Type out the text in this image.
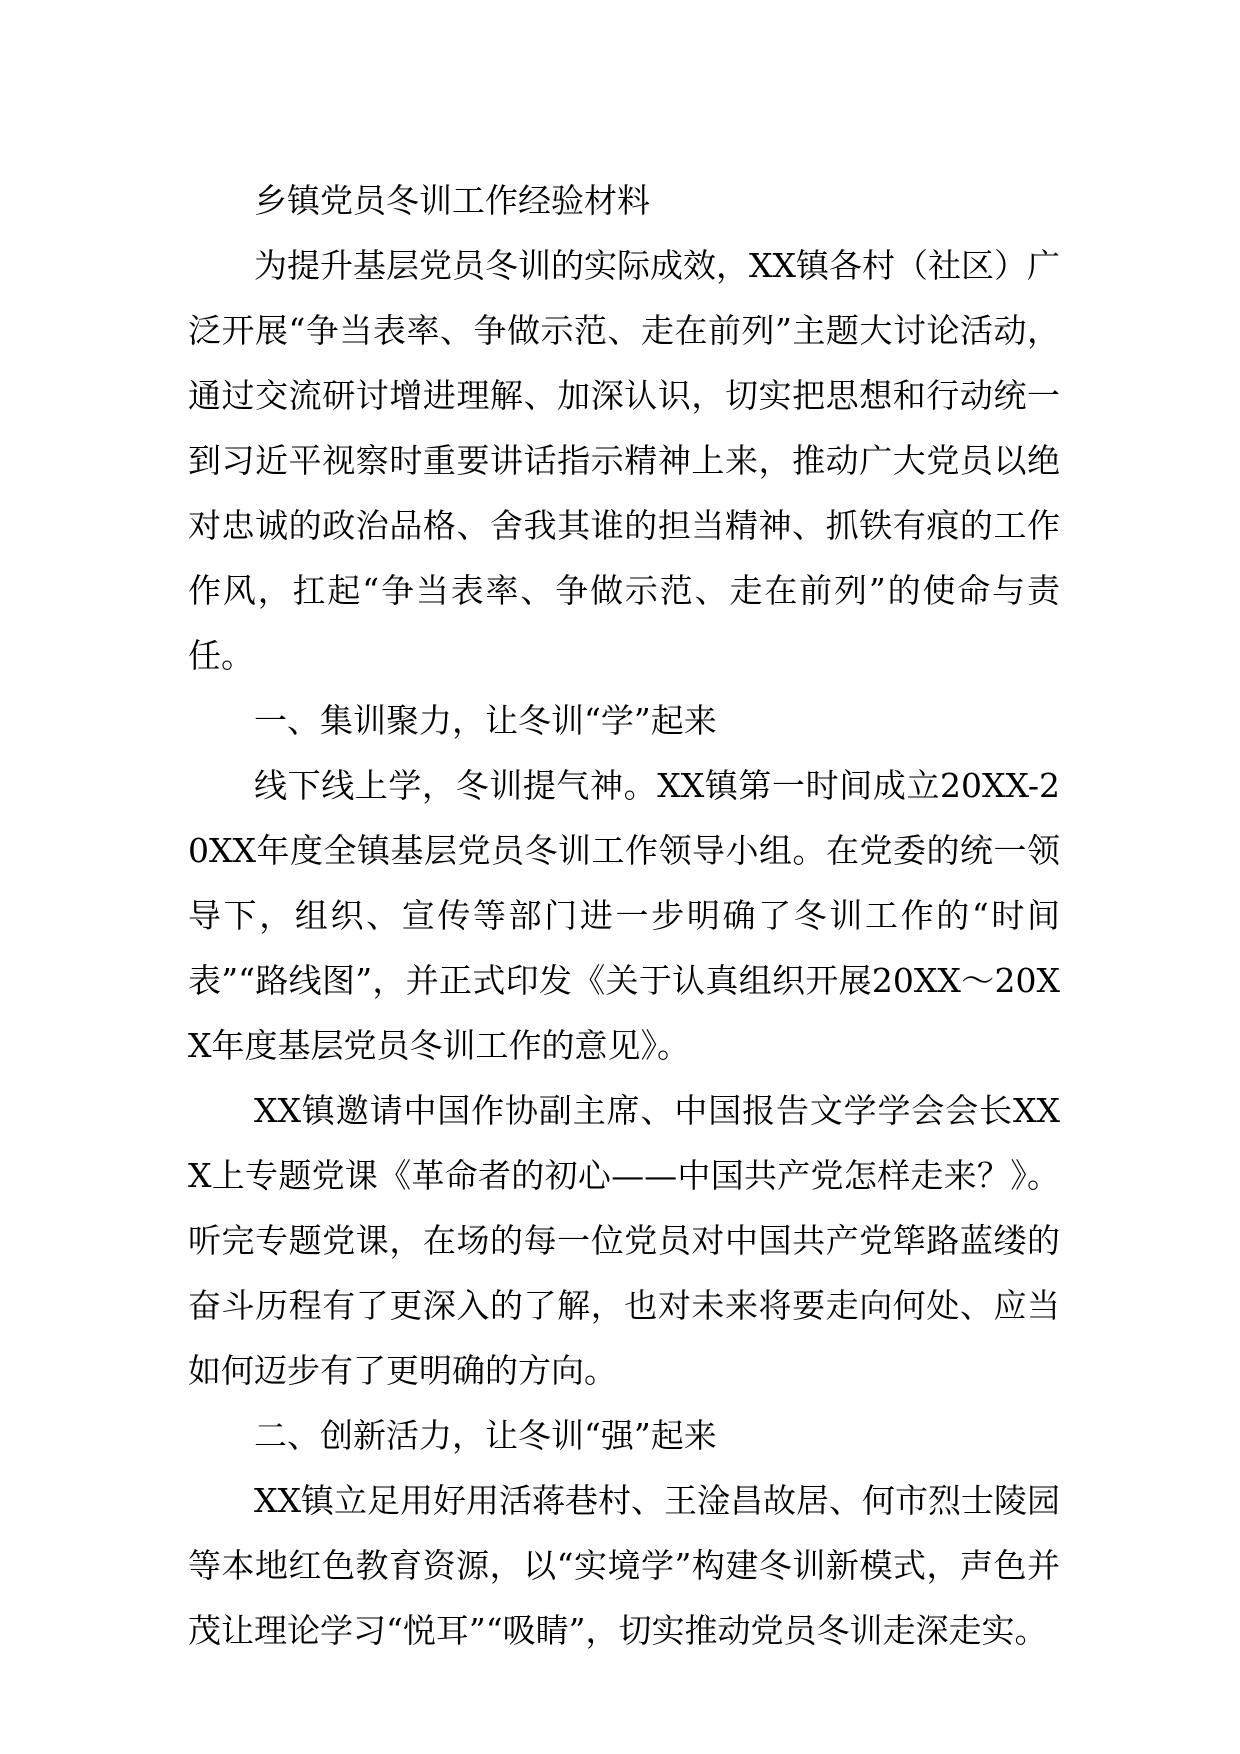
乡镇党员冬训工作经验材料

为提升基层党员冬训的实际成效，XX镇各村（社区）广泛开展“争当表率、争做示范、走在前列”主题大讨论活动，通过交流研讨增进理解、加深认识，切实把思想和行动统一到习近平视察时重要讲话指示精神上来，推动广大党员以绝对忠诚的政治品格、舍我其谁的担当精神、抓铁有痕的工作作风，扛起“争当表率、争做示范、走在前列”的使命与责任。

一、集训聚力，让冬训“学”起来

线下线上学，冬训提气神。XX镇第一时间成立20XX-20XX年度全镇基层党员冬训工作领导小组。在党委的统一领导下，组织、宣传等部门进一步明确了冬训工作的“时间表”“路线图”，并正式印发《关于认真组织开展20XX～20XX年度基层党员冬训工作的意见》。

XX镇邀请中国作协副主席、中国报告文学学会会长XXX上专题党课《革命者的初心——中国共产党怎样走来？》。听完专题党课，在场的每一位党员对中国共产党筚路蓝缕的奋斗历程有了更深入的了解，也对未来将要走向何处、应当如何迈步有了更明确的方向。

二、创新活力，让冬训“强”起来

XX镇立足用好用活蒋巷村、王淦昌故居、何市烈士陵园等本地红色教育资源，以“实境学”构建冬训新模式，声色并茂让理论学习“悦耳”“吸睛”，切实推动党员冬训走深走实。
